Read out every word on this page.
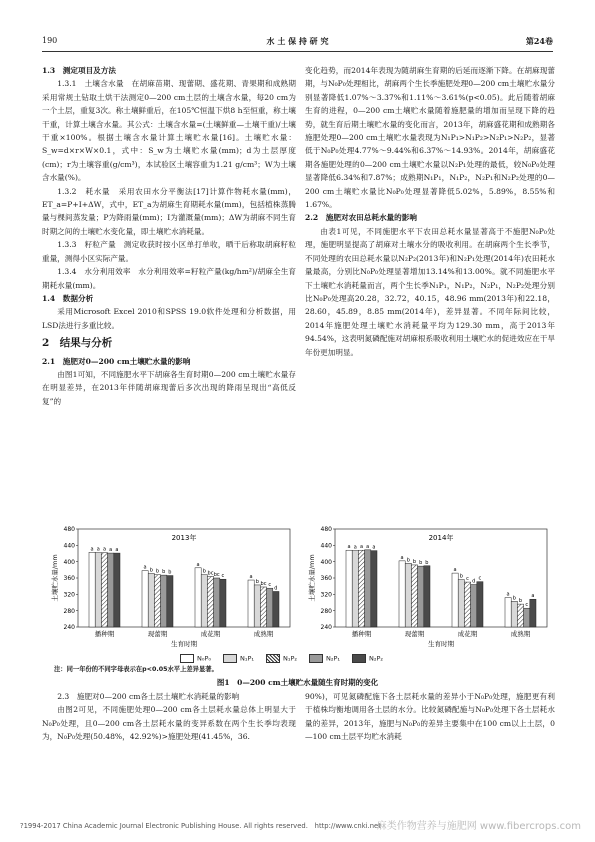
190	水 土 保 持 研 究	第24卷

1.3　测定项目及方法

1.3.1　土壤含水量　在胡麻苗期、现蕾期、盛花期、青果期和成熟期采用常规土钻取土烘干法测定0—200 cm土层的土壤含水量，每20 cm为一个土层，重复3次。称土壤鲜重后，在105℃恒温下烘8 h至恒重，称土壤干重，计算土壤含水量。其公式：土壤含水量=(土壤鲜重—土壤干重)/土壤干重×100%。根据土壤含水量计算土壤贮水量[16]。土壤贮水量：S_w=d×r×W×0.1，式中：S_w为土壤贮水量(mm)；d为土层厚度(cm)；r为土壤容重(g/cm³)，本试验区土壤容重为1.21 g/cm³；W为土壤含水量(%)。

1.3.2　耗水量　采用农田水分平衡法[17]计算作物耗水量(mm)，ET_a=P+I+ΔW，式中，ET_a为胡麻生育期耗水量(mm)，包括植株蒸腾量与棵间蒸发量；P为降雨量(mm)；I为灌溉量(mm)；ΔW为胡麻不同生育时期之间的土壤贮水变化量，即土壤贮水消耗量。

1.3.3　籽粒产量　测定收获时按小区单打单收，晒干后称取胡麻籽粒重量，测得小区实际产量。

1.3.4　水分利用效率　水分利用效率=籽粒产量(kg/hm²)/胡麻全生育期耗水量(mm)。

1.4　数据分析

采用Microsoft Excel 2010和SPSS 19.0软件处理和分析数据，用LSD法进行多重比较。

2　结果与分析

2.1　施肥对0—200 cm土壤贮水量的影响

由图1可知，不同施肥水平下胡麻各生育时期0—200 cm土壤贮水量存在明显差异，在2013年伴随胡麻现蕾后多次出现的降雨呈现出“高低反复”的

变化趋势，而2014年表现为随胡麻生育期的后延而逐渐下降。在胡麻现蕾期，与N₀P₀处理相比，胡麻两个生长季施肥处理0—200 cm土壤贮水量分别显著降低1.07%～3.37%和1.11%～3.61%(p<0.05)。此后随着胡麻生育的进程，0—200 cm土壤贮水量随着施肥量的增加而呈现下降的趋势，就生育后期土壤贮水量的变化而言，2013年，胡麻盛花期和成熟期各施肥处理0—200 cm土壤贮水量表现为N₁P₁>N₁P₂>N₂P₁>N₂P₂，显著低于N₀P₀处理4.77%～9.44%和6.37%～14.93%。2014年，胡麻盛花期各施肥处理的0—200 cm土壤贮水量以N₂P₁处理的最低，较N₀P₀处理显著降低6.34%和7.87%；成熟期N₁P₁，N₁P₂，N₂P₁和N₂P₂处理的0—200 cm土壤贮水量比N₀P₀处理显著降低5.02%，5.89%，8.55%和1.67%。

2.2　施肥对农田总耗水量的影响

由表1可见，不同施肥水平下农田总耗水量显著高于不施肥N₀P₀处理，施肥明显提高了胡麻对土壤水分的吸收利用。在胡麻两个生长季节，不同处理的农田总耗水量以N₂P₂(2013年)和N₂P₁处理(2014年)农田耗水量最高，分别比N₀P₀处理显著增加13.14%和13.00%。就不同施肥水平下土壤贮水消耗量而言，两个生长季N₁P₁，N₁P₂，N₂P₁，N₂P₂处理分别比N₀P₀处理高20.28，32.72，40.15，48.96 mm(2013年)和22.18，28.60，45.89，8.85 mm(2014年)，差异显著。不同年际间比较，2014年施肥处理土壤贮水消耗量平均为129.30 mm，高于2013年94.54%，这表明氮磷配施对胡麻根系吸收利用土壤贮水的促进效应在干旱年份更加明显。

240
280
320
360
400
440
480
土壤贮水量/mm
2013年
a a a a a
播种期
a b b b b
现蕾期
a
b bc bc c
成花期
a
b bc c
d
成熟期
生育时期
240
280
320
360
400
440
480
土壤贮水量/mm
2014年
a a a a a
播种期
a b b b b
现蕾期
a
b c d c
成花期
a
b b
c
a
成熟期
生育时期
N₀P₀	N₁P₁	N₁P₂	N₂P₁	N₂P₂
注：同一年份的不同字母表示在p<0.05水平上差异显著。
图1　0—200 cm土壤贮水量随生育时期的变化

2.3　施肥对0—200 cm各土层土壤贮水消耗量的影响

由图2可见，不同施肥处理0—200 cm各土层耗水量总体上明显大于N₀P₀处理，且0—200 cm各土层耗水量的变异系数在两个生长季均表现为，N₀P₀处理(50.48%，42.92%)>施肥处理(41.45%，36.

90%)，可见氮磷配施下各土层耗水量的差异小于N₀P₀处理，施肥更有利于植株均衡地调用各土层的水分。比较氮磷配施与N₀P₀处理下各土层耗水量的差异，2013年，施肥与N₀P₀的差异主要集中在100 cm以上土层，0—100 cm土层平均贮水消耗

?1994-2017 China Academic Journal Electronic Publishing House. All rights reserved.　http://www.cnki.net
麻类作物营养与施肥网 www.fibercrops.com
